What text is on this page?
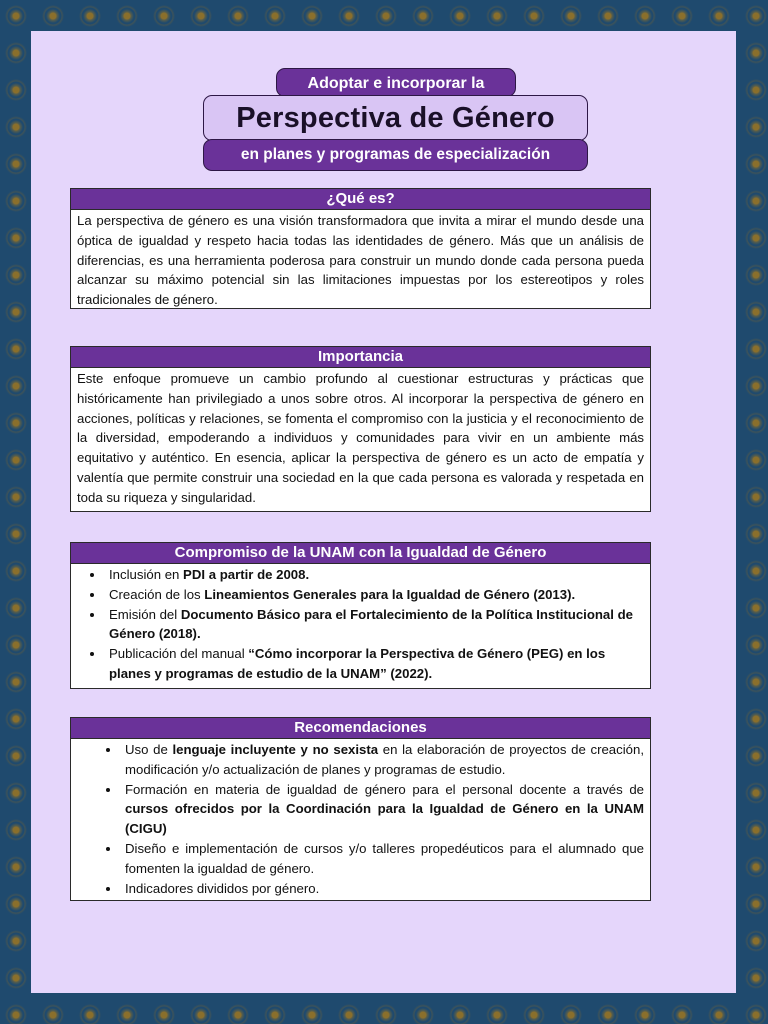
Adoptar e incorporar la
Perspectiva de Género
en planes y programas de especialización
¿Qué es?
La perspectiva de género es una visión transformadora que invita a mirar el mundo desde una óptica de igualdad y respeto hacia todas las identidades de género. Más que un análisis de diferencias, es una herramienta poderosa para construir un mundo donde cada persona pueda alcanzar su máximo potencial sin las limitaciones impuestas por los estereotipos y roles tradicionales de género.
Importancia
Este enfoque promueve un cambio profundo al cuestionar estructuras y prácticas que históricamente han privilegiado a unos sobre otros. Al incorporar la perspectiva de género en acciones, políticas y relaciones, se fomenta el compromiso con la justicia y el reconocimiento de la diversidad, empoderando a individuos y comunidades para vivir en un ambiente más equitativo y auténtico. En esencia, aplicar la perspectiva de género es un acto de empatía y valentía que permite construir una sociedad en la que cada persona es valorada y respetada en toda su riqueza y singularidad.
Compromiso de la UNAM con la Igualdad de Género
• Inclusión en PDI a partir de 2008.
• Creación de los Lineamientos Generales para la Igualdad de Género (2013).
• Emisión del Documento Básico para el Fortalecimiento de la Política Institucional de Género (2018).
• Publicación del manual “Cómo incorporar la Perspectiva de Género (PEG) en los planes y programas de estudio de la UNAM” (2022).
Recomendaciones
• Uso de lenguaje incluyente y no sexista en la elaboración de proyectos de creación, modificación y/o actualización de planes y programas de estudio.
• Formación en materia de igualdad de género para el personal docente a través de cursos ofrecidos por la Coordinación para la Igualdad de Género en la UNAM (CIGU)
• Diseño e implementación de cursos y/o talleres propedéuticos para el alumnado que fomenten la igualdad de género.
• Indicadores divididos por género.
